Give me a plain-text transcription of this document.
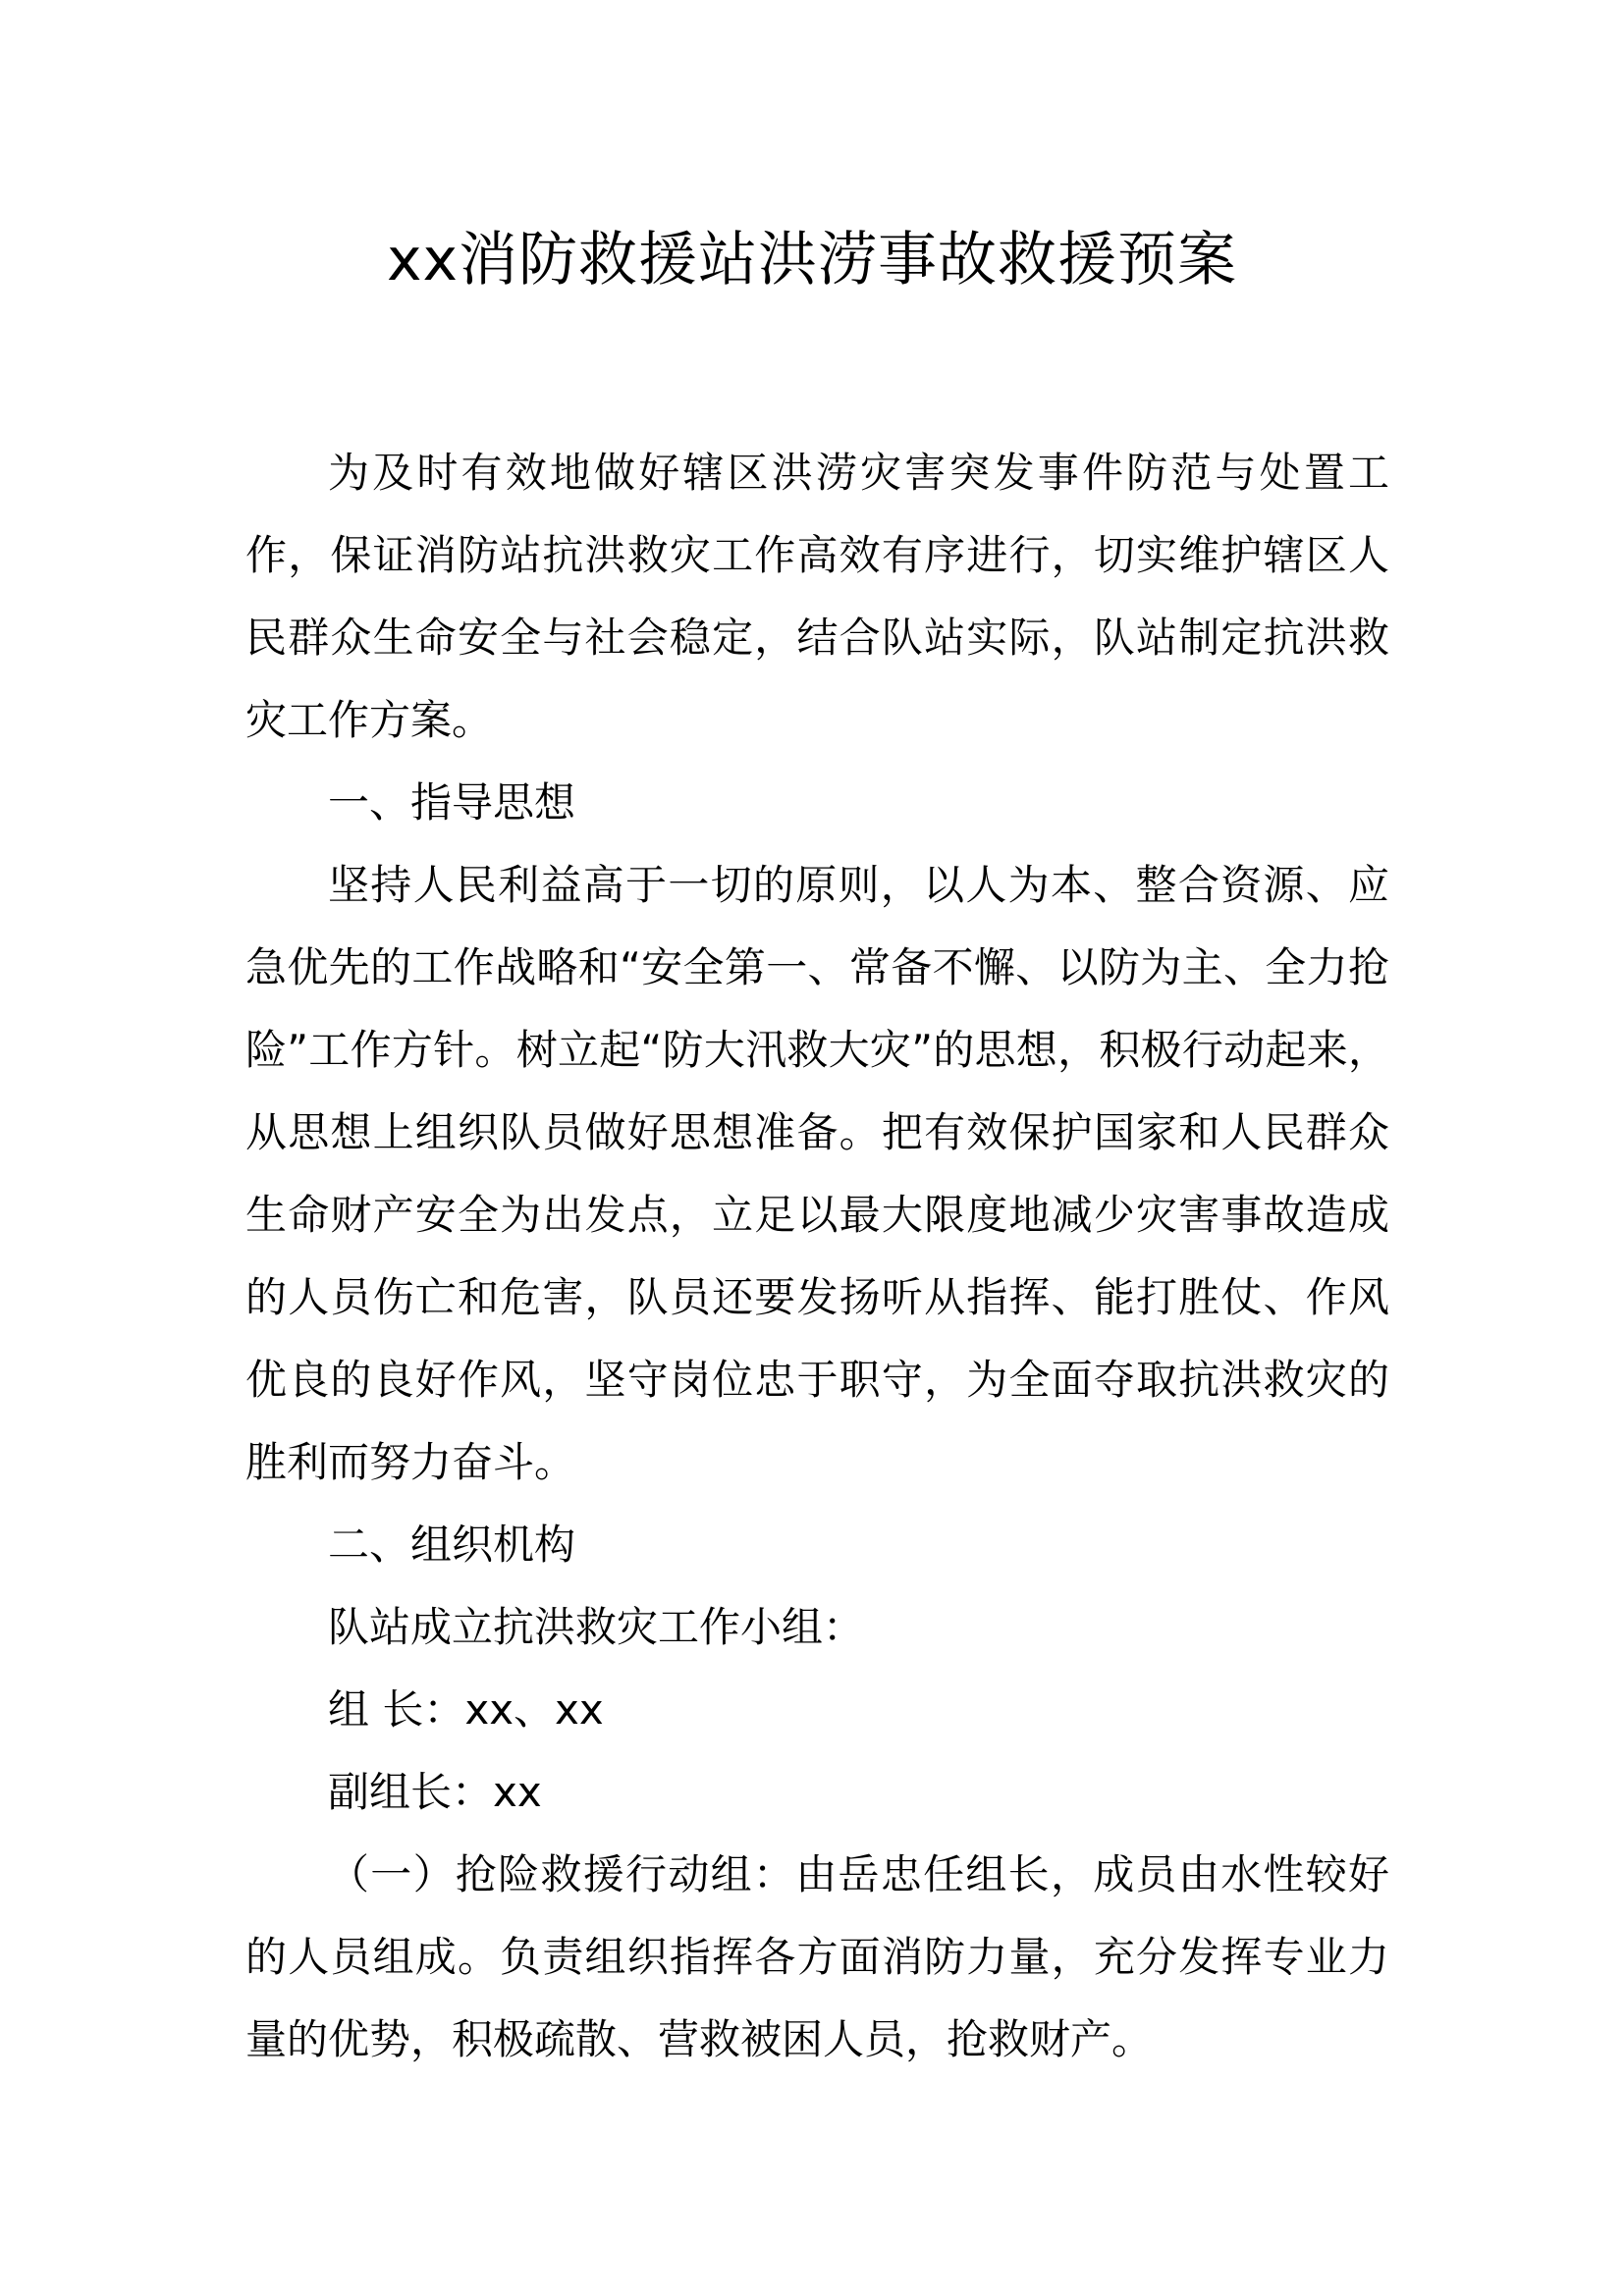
xx消防救援站洪涝事故救援预案

为及时有效地做好辖区洪涝灾害突发事件防范与处置工作，保证消防站抗洪救灾工作高效有序进行，切实维护辖区人民群众生命安全与社会稳定，结合队站实际，队站制定抗洪救灾工作方案。

一、指导思想

坚持人民利益高于一切的原则，以人为本、整合资源、应急优先的工作战略和“安全第一、常备不懈、以防为主、全力抢险”工作方针。树立起“防大汛救大灾”的思想，积极行动起来，从思想上组织队员做好思想准备。把有效保护国家和人民群众生命财产安全为出发点，立足以最大限度地减少灾害事故造成的人员伤亡和危害，队员还要发扬听从指挥、能打胜仗、作风优良的良好作风，坚守岗位忠于职守，为全面夺取抗洪救灾的胜利而努力奋斗。

二、组织机构

队站成立抗洪救灾工作小组：

组 长：xx、xx

副组长：xx

（一）抢险救援行动组：由岳忠任组长，成员由水性较好的人员组成。负责组织指挥各方面消防力量，充分发挥专业力量的优势，积极疏散、营救被困人员，抢救财产。
